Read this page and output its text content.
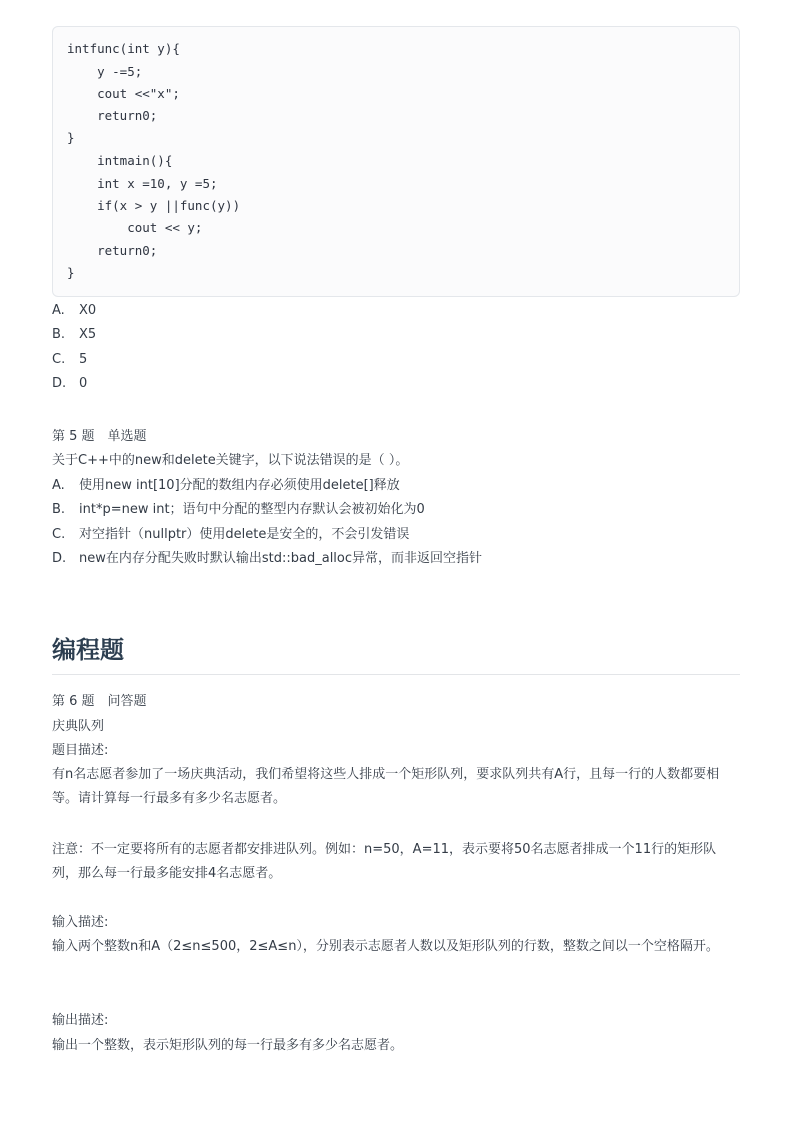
intfunc(int y){
y -=5;
cout <<"x";
return0;
}
intmain(){
int x =10, y =5;
if(x > y ||func(y))
cout << y;
return0;
}
A. X0
B. X5
C. 5
D. 0
第 5 题　单选题
关于C++中的new和delete关键字，以下说法错误的是（ ）。
A. 使用new int[10]分配的数组内存必须使用delete[]释放
B. int*p=new int；语句中分配的整型内存默认会被初始化为0
C. 对空指针（nullptr）使用delete是安全的，不会引发错误
D. new在内存分配失败时默认输出std::bad_alloc异常，而非返回空指针
编程题
第 6 题　问答题
庆典队列
题目描述:
有n名志愿者参加了一场庆典活动，我们希望将这些人排成一个矩形队列，要求队列共有A行，且每一行的人数都要相等。请计算每一行最多有多少名志愿者。
注意：不一定要将所有的志愿者都安排进队列。例如：n=50，A=11，表示要将50名志愿者排成一个11行的矩形队列，那么每一行最多能安排4名志愿者。
输入描述:
输入两个整数n和A（2≤n≤500，2≤A≤n），分别表示志愿者人数以及矩形队列的行数，整数之间以一个空格隔开。
输出描述:
输出一个整数，表示矩形队列的每一行最多有多少名志愿者。
